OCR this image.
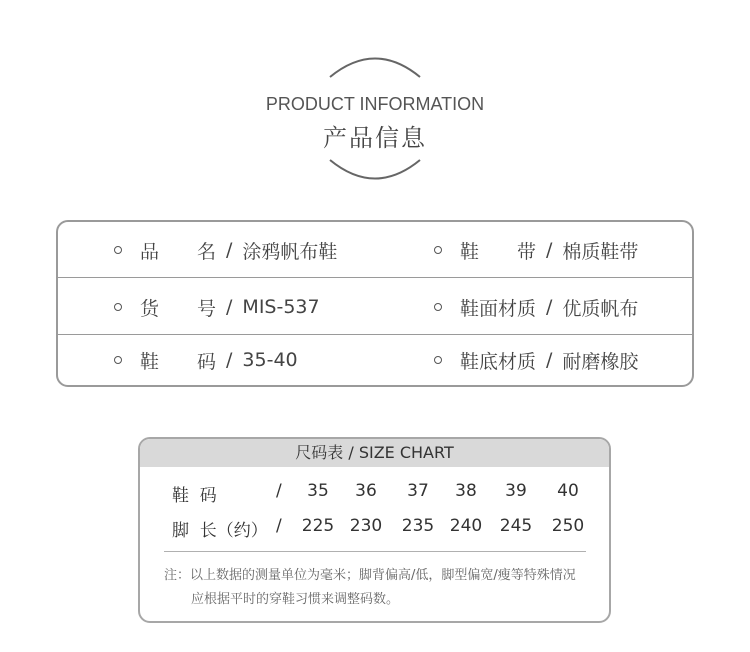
PRODUCT INFORMATION
产品信息
品　　名 / 涂鸦帆布鞋	鞋　　带 / 棉质鞋带
货　　号 / MIS-537	鞋面材质 / 优质帆布
鞋　　码 / 35-40	鞋底材质 / 耐磨橡胶
尺码表 / SIZE CHART
鞋  码	/	35	36	37	38	39	40
脚  长（约） / 225 230 235 240 245 250
注：以上数据的测量单位为毫米；脚背偏高/低，脚型偏宽/瘦等特殊情况
应根据平时的穿鞋习惯来调整码数。
